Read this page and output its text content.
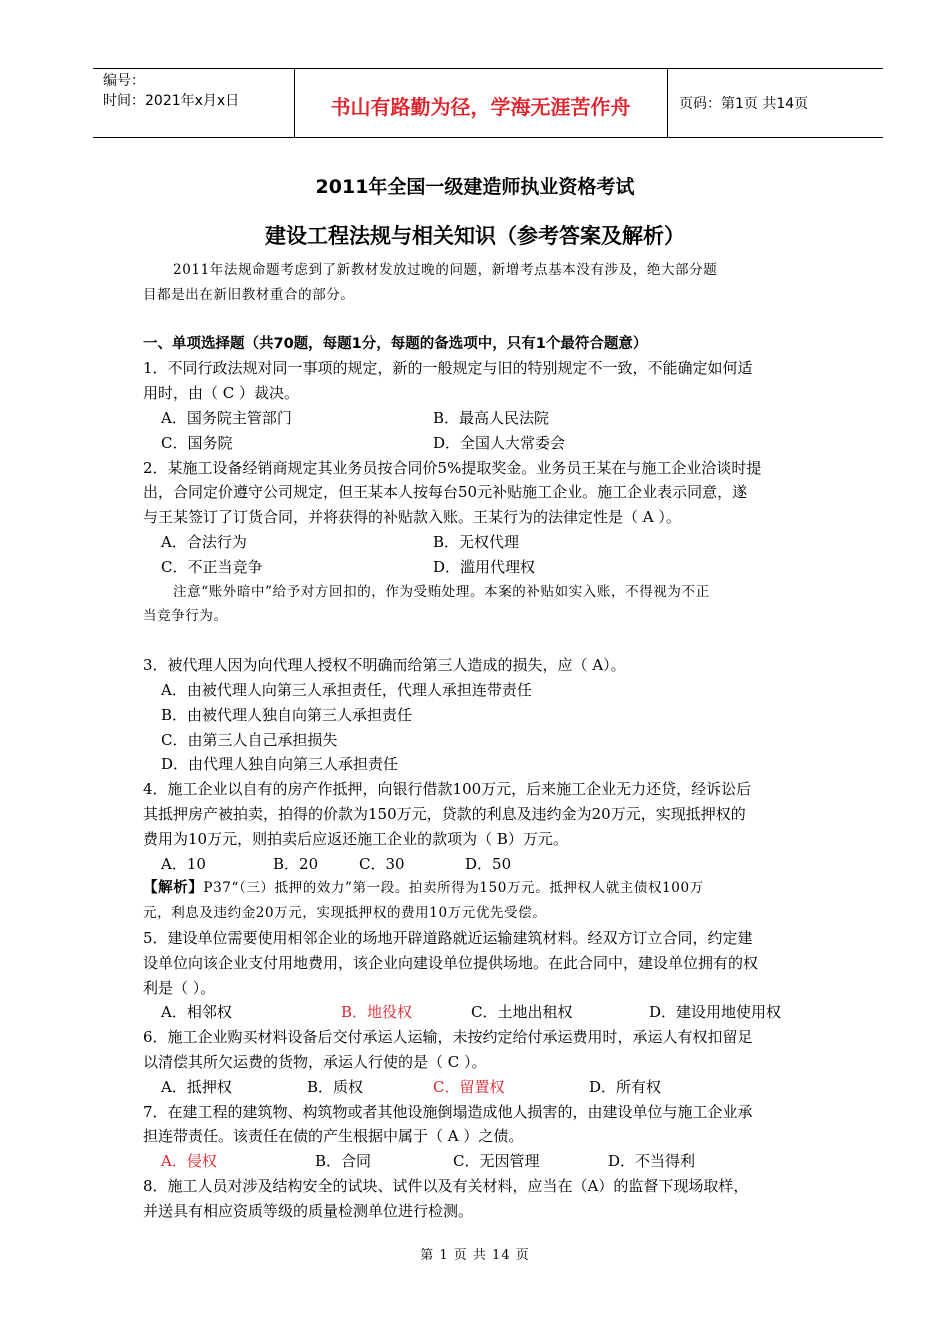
编号：
时间：2021年x月x日	书山有路勤为径，学海无涯苦作舟	页码：第1页 共14页
2011年全国一级建造师执业资格考试
建设工程法规与相关知识（参考答案及解析）
2011年法规命题考虑到了新教材发放过晚的问题，新增考点基本没有涉及，绝大部分题
目都是出在新旧教材重合的部分。
一、单项选择题（共70题，每题1分，每题的备选项中，只有1个最符合题意）
1．不同行政法规对同一事项的规定，新的一般规定与旧的特别规定不一致，不能确定如何适
用时，由（ C ）裁决。
A．国务院主管部门	B．最高人民法院
C．国务院	D．全国人大常委会
2．某施工设备经销商规定其业务员按合同价5%提取奖金。业务员王某在与施工企业洽谈时提
出，合同定价遵守公司规定，但王某本人按每台50元补贴施工企业。施工企业表示同意，遂
与王某签订了订货合同，并将获得的补贴款入账。王某行为的法律定性是（ A ）。
A．合法行为	B．无权代理
C．不正当竞争	D．滥用代理权
注意“账外暗中”给予对方回扣的，作为受贿处理。本案的补贴如实入账，不得视为不正
当竞争行为。
3．被代理人因为向代理人授权不明确而给第三人造成的损失，应（ A）。
A．由被代理人向第三人承担责任，代理人承担连带责任
B．由被代理人独自向第三人承担责任
C．由第三人自己承担损失
D．由代理人独自向第三人承担责任
4．施工企业以自有的房产作抵押，向银行借款100万元，后来施工企业无力还贷，经诉讼后
其抵押房产被拍卖，拍得的价款为150万元，贷款的利息及违约金为20万元，实现抵押权的
费用为10万元，则拍卖后应返还施工企业的款项为（ B）万元。
A．10	B．20	C．30	D．50
【解析】P37“（三）抵押的效力”第一段。拍卖所得为150万元。抵押权人就主债权100万
元，利息及违约金20万元，实现抵押权的费用10万元优先受偿。
5．建设单位需要使用相邻企业的场地开辟道路就近运输建筑材料。经双方订立合同，约定建
设单位向该企业支付用地费用，该企业向建设单位提供场地。在此合同中，建设单位拥有的权
利是（ ）。
A．相邻权	B．地役权	C．土地出租权	D．建设用地使用权
6．施工企业购买材料设备后交付承运人运输，未按约定给付承运费用时，承运人有权扣留足
以清偿其所欠运费的货物，承运人行使的是（ C ）。
A．抵押权	B．质权	C．留置权	D．所有权
7．在建工程的建筑物、构筑物或者其他设施倒塌造成他人损害的，由建设单位与施工企业承
担连带责任。该责任在债的产生根据中属于（ A ）之债。
A．侵权	B．合同	C．无因管理	D．不当得利
8．施工人员对涉及结构安全的试块、试件以及有关材料，应当在（A）的监督下现场取样，
并送具有相应资质等级的质量检测单位进行检测。
第 1 页 共 14 页
